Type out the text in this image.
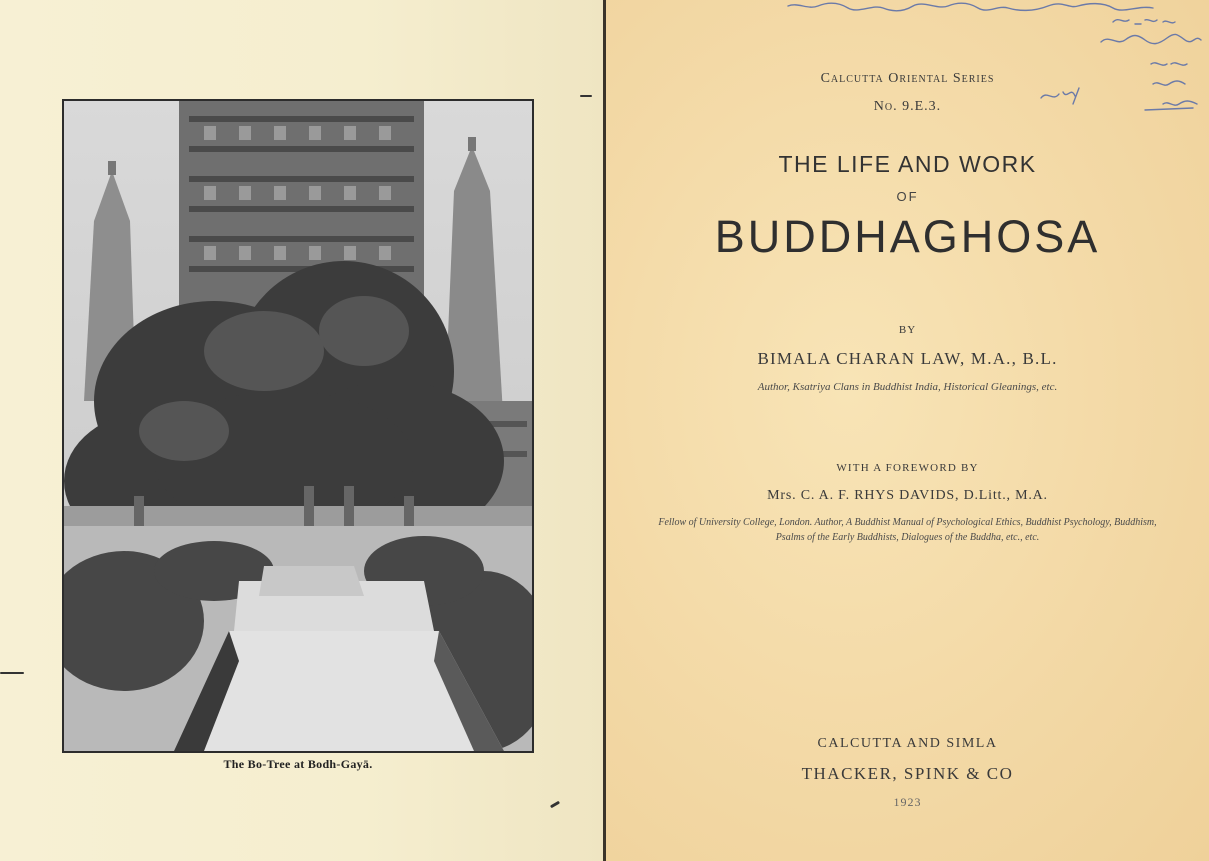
The Bo-Tree at Bodh-Gayā.
Calcutta Oriental Series
No. 9.E.3.
THE LIFE AND WORK
OF
BUDDHAGHOSA
BY
BIMALA CHARAN LAW, M.A., B.L.
Author, Ksatriya Clans in Buddhist India, Historical Gleanings, etc.
WITH A FOREWORD BY
Mrs. C. A. F. RHYS DAVIDS, D.Litt., M.A.
Fellow of University College, London. Author, A Buddhist Manual of Psychological Ethics, Buddhist Psychology, Buddhism, Psalms of the Early Buddhists, Dialogues of the Buddha, etc., etc.
CALCUTTA AND SIMLA
THACKER, SPINK & CO
1923
